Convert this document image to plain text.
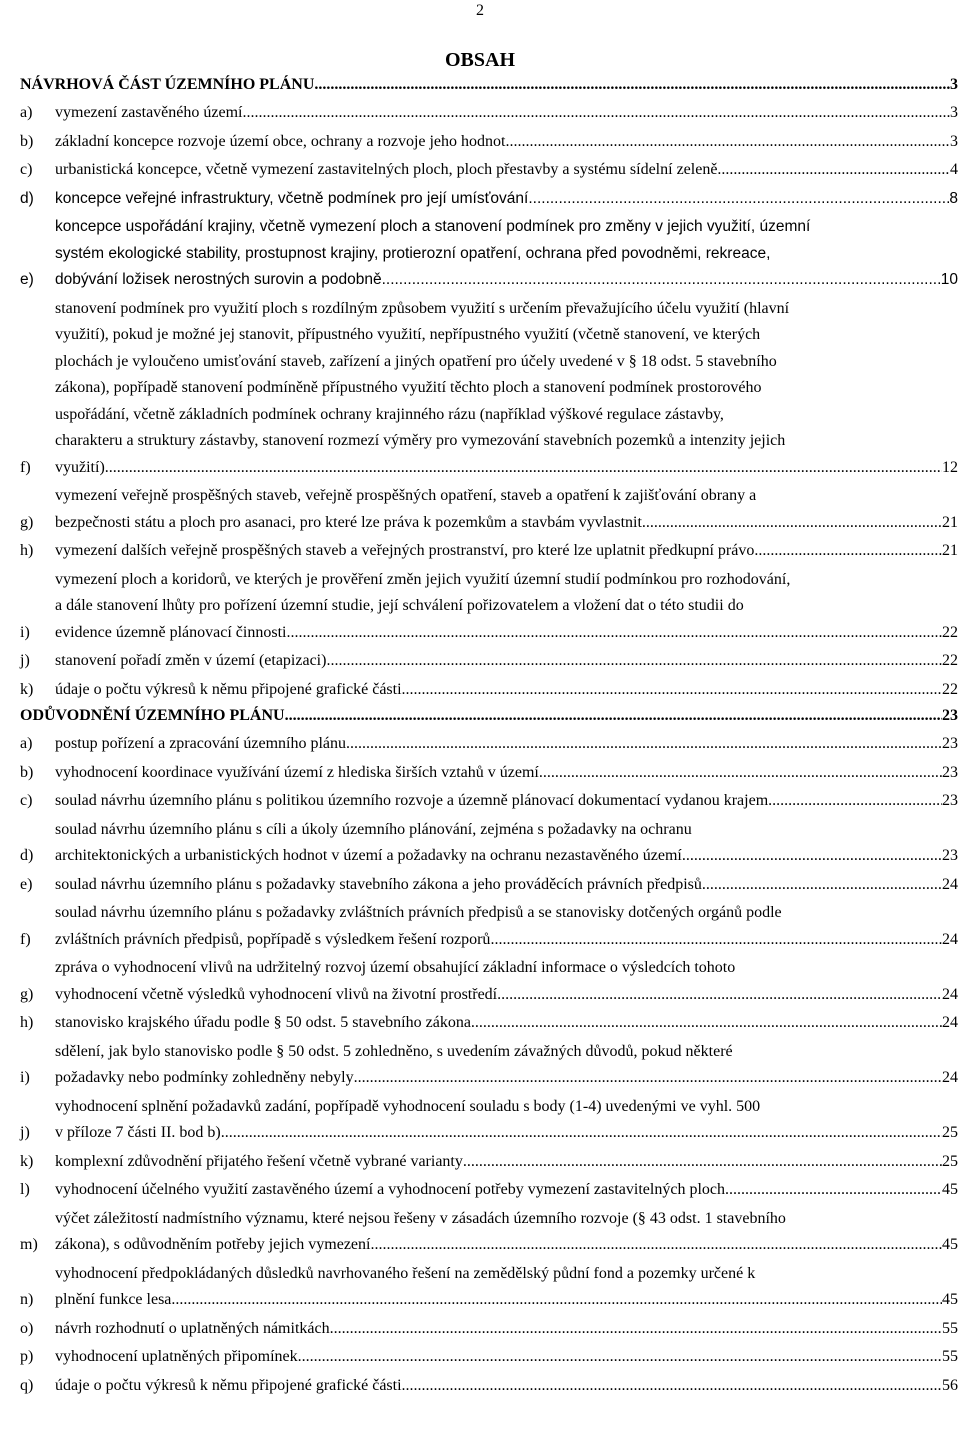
2
OBSAH
NÁVRHOVÁ ČÁST ÚZEMNÍHO PLÁNU .....	3
a)	vymezení zastavěného území .....	3
b)	základní koncepce rozvoje území obce, ochrany a rozvoje jeho hodnot .....	3
c)	urbanistická koncepce, včetně vymezení zastavitelných ploch, ploch přestavby a systému sídelní zeleně .....	4
d)	koncepce veřejné infrastruktury, včetně podmínek pro její umísťování .....	8
e)
koncepce uspořádání krajiny, včetně vymezení ploch a stanovení podmínek pro změny v jejich využití, územní
systém ekologické stability, prostupnost krajiny, protierozní opatření, ochrana před povodněmi, rekreace,
dobývání ložisek nerostných surovin a podobně .....	10
f)
stanovení podmínek pro využití ploch s rozdílným způsobem využití s určením převažujícího účelu využití (hlavní
využití), pokud je možné jej stanovit, přípustného využití, nepřípustného využití (včetně stanovení, ve kterých
plochách je vyloučeno umisťování staveb, zařízení a jiných opatření pro účely uvedené v § 18 odst. 5 stavebního
zákona), popřípadě stanovení podmíněně přípustného využití těchto ploch a stanovení podmínek prostorového
uspořádání, včetně základních podmínek ochrany krajinného rázu (například výškové regulace zástavby,
charakteru a struktury zástavby, stanovení rozmezí výměry pro vymezování stavebních pozemků a intenzity jejich
využití) .....	12
g)
vymezení veřejně prospěšných staveb, veřejně prospěšných opatření, staveb a opatření k zajišťování obrany a
bezpečnosti státu a ploch pro asanaci, pro které lze práva k pozemkům a stavbám vyvlastnit .....	21
h)	vymezení dalších veřejně prospěšných staveb a veřejných prostranství, pro které lze uplatnit předkupní právo .....	21
i)
vymezení ploch a koridorů, ve kterých je prověření změn jejich využití územní studií podmínkou pro rozhodování,
a dále stanovení lhůty pro pořízení územní studie, její schválení pořizovatelem a vložení dat o této studii do
evidence územně plánovací činnosti .....	22
j)	stanovení pořadí změn v území (etapizaci) .....	22
k)	údaje o počtu výkresů k němu připojené grafické části .....	22
ODŮVODNĚNÍ ÚZEMNÍHO PLÁNU .....	23
a)	postup pořízení a zpracování územního plánu .....	23
b)	vyhodnocení koordinace využívání území z hlediska širších vztahů v území .....	23
c)	soulad návrhu územního plánu s politikou územního rozvoje a územně plánovací dokumentací vydanou krajem .....	23
d)
soulad návrhu územního plánu s cíli a úkoly územního plánování, zejména s požadavky na ochranu
architektonických a urbanistických hodnot v území a požadavky na ochranu nezastavěného území .....	23
e)	soulad návrhu územního plánu s požadavky stavebního zákona a jeho prováděcích právních předpisů .....	24
f)
soulad návrhu územního plánu s požadavky zvláštních právních předpisů a se stanovisky dotčených orgánů podle
zvláštních právních předpisů, popřípadě s výsledkem řešení rozporů .....	24
g)
zpráva o vyhodnocení vlivů na udržitelný rozvoj území obsahující základní informace o výsledcích tohoto
vyhodnocení včetně výsledků vyhodnocení vlivů na životní prostředí .....	24
h)	stanovisko krajského úřadu podle § 50 odst. 5 stavebního zákona .....	24
i)
sdělení, jak bylo stanovisko podle § 50 odst. 5 zohledněno, s uvedením závažných důvodů, pokud některé
požadavky nebo podmínky zohledněny nebyly .....	24
j)
vyhodnocení splnění požadavků zadání, popřípadě vyhodnocení souladu s body (1-4) uvedenými ve vyhl. 500
v příloze 7 části II. bod b) .....	25
k)	komplexní zdůvodnění přijatého řešení včetně vybrané varianty .....	25
l)	vyhodnocení účelného využití zastavěného území a vyhodnocení potřeby vymezení zastavitelných ploch .....	45
m)
výčet záležitostí nadmístního významu, které nejsou řešeny v zásadách územního rozvoje (§ 43 odst. 1 stavebního
zákona), s odůvodněním potřeby jejich vymezení .....	45
n)
vyhodnocení předpokládaných důsledků navrhovaného řešení na zemědělský půdní fond a pozemky určené k
plnění funkce lesa .....	45
o)	návrh rozhodnutí o uplatněných námitkách .....	55
p)	vyhodnocení uplatněných připomínek .....	55
q)	údaje o počtu výkresů k němu připojené grafické části .....	56
